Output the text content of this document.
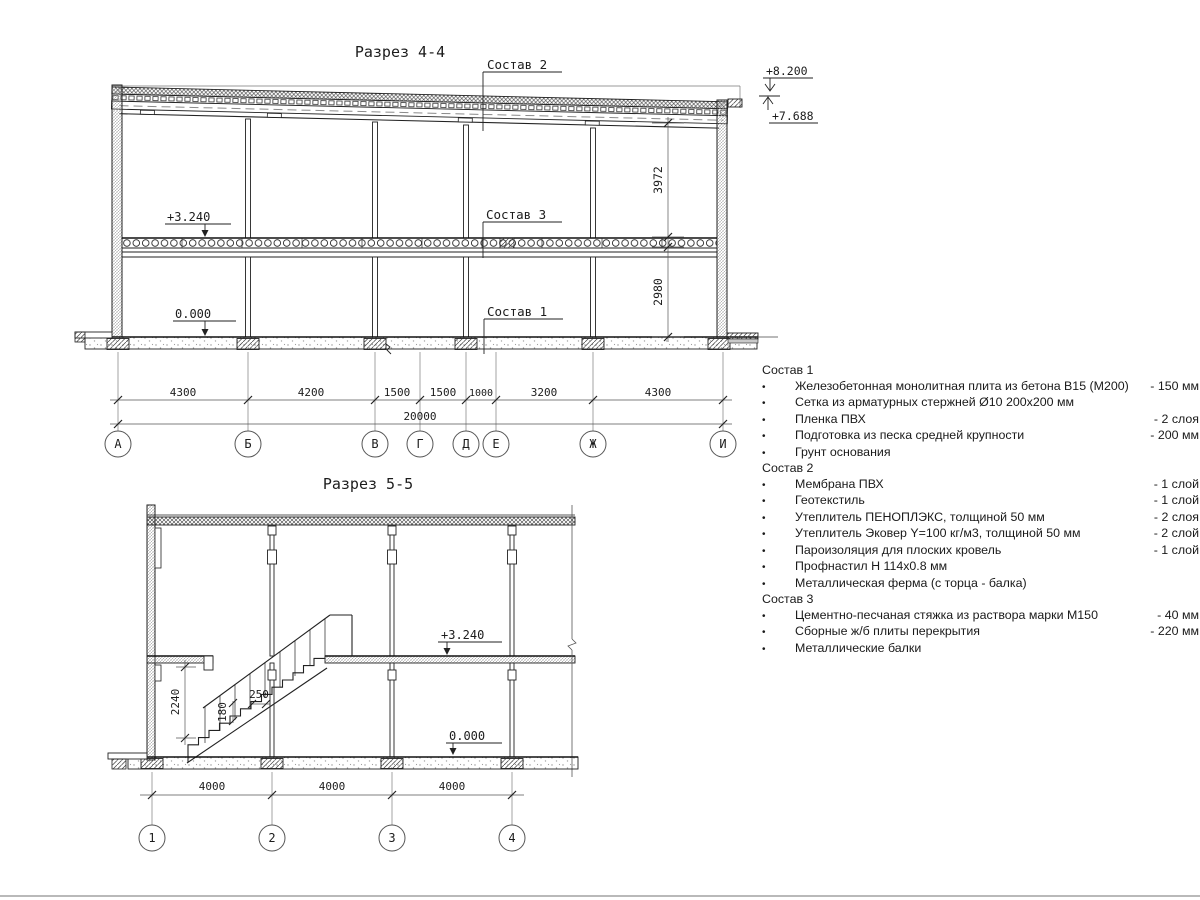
Разрез 4-4
Состав 2
Состав 3
Состав 1
+3.240
0.000
+8.200
+7.688
3972
2980
4300	4200	1500 1500 1000	3200	4300
20000
А	Б	В	Г	Д Е	Ж	И
Разрез 5-5
2240	250
180
+3.240
0.000
4000	4000	4000
1	2	3	4
Состав 1
•	Железобетонная монолитная плита из бетона В15 (М200)	- 150 мм
•	Сетка из арматурных стержней Ø10 200x200 мм
•	Пленка ПВХ	- 2 слоя
•	Подготовка из песка средней крупности	- 200 мм
•	Грунт основания
Состав 2
•	Мембрана ПВХ	- 1 слой
•	Геотекстиль	- 1 слой
•	Утеплитель ПЕНОПЛЭКС, толщиной 50 мм	- 2 слоя
•	Утеплитель Эковер Y=100 кг/м3, толщиной 50 мм	- 2 слой
•	Пароизоляция для плоских кровель	- 1 слой
•	Профнастил Н 114x0.8 мм
•	Металлическая ферма (с торца - балка)
Состав 3
•	Цементно-песчаная стяжка из раствора марки М150	- 40 мм
•	Сборные ж/б плиты перекрытия	- 220 мм
•	Металлические балки
